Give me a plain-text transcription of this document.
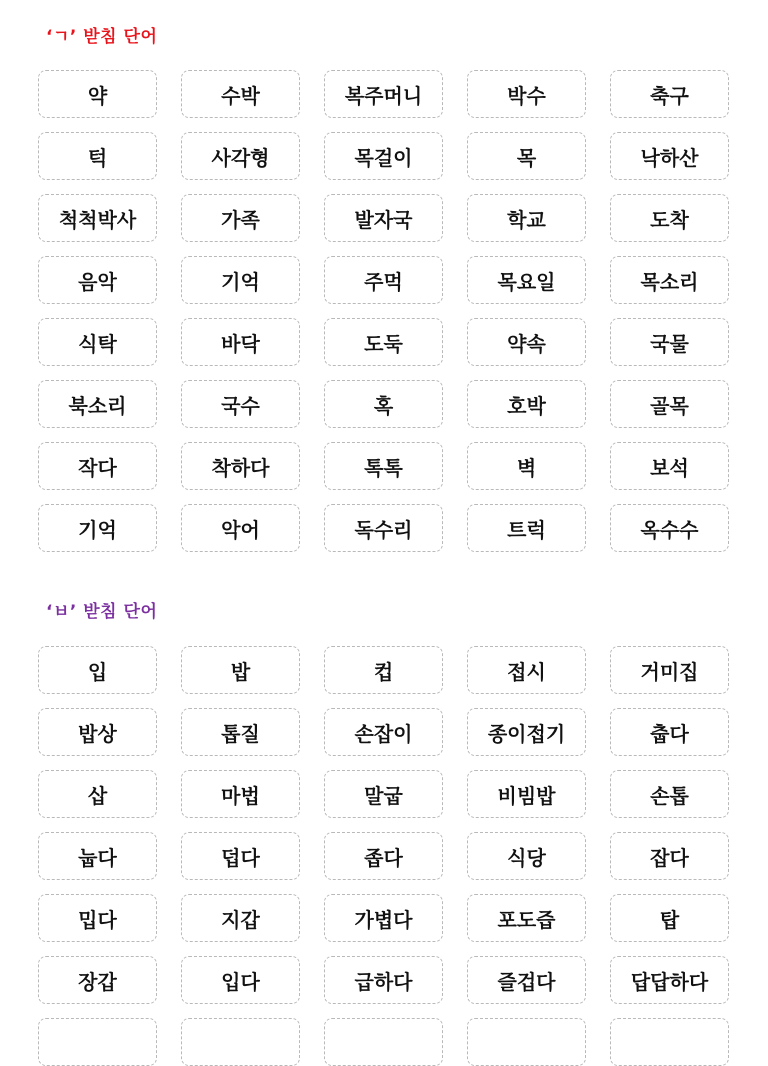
‘ㄱ’ 받침 단어
약	수박	복주머니	박수	축구
턱	사각형	목걸이	목	낙하산
척척박사	가족	발자국	학교	도착
음악	기억	주먹	목요일	목소리
식탁	바닥	도둑	약속	국물
북소리	국수	혹	호박	골목
작다	착하다	톡톡	벽	보석
기억	악어	독수리	트럭	옥수수
‘ㅂ’ 받침 단어
입	밥	컵	접시	거미집
밥상	톱질	손잡이	종이접기	춥다
삽	마법	말굽	비빔밥	손톱
눕다	덥다	좁다	식당	잡다
밉다	지갑	가볍다	포도즙	탑
장갑	입다	급하다	즐겁다	답답하다
